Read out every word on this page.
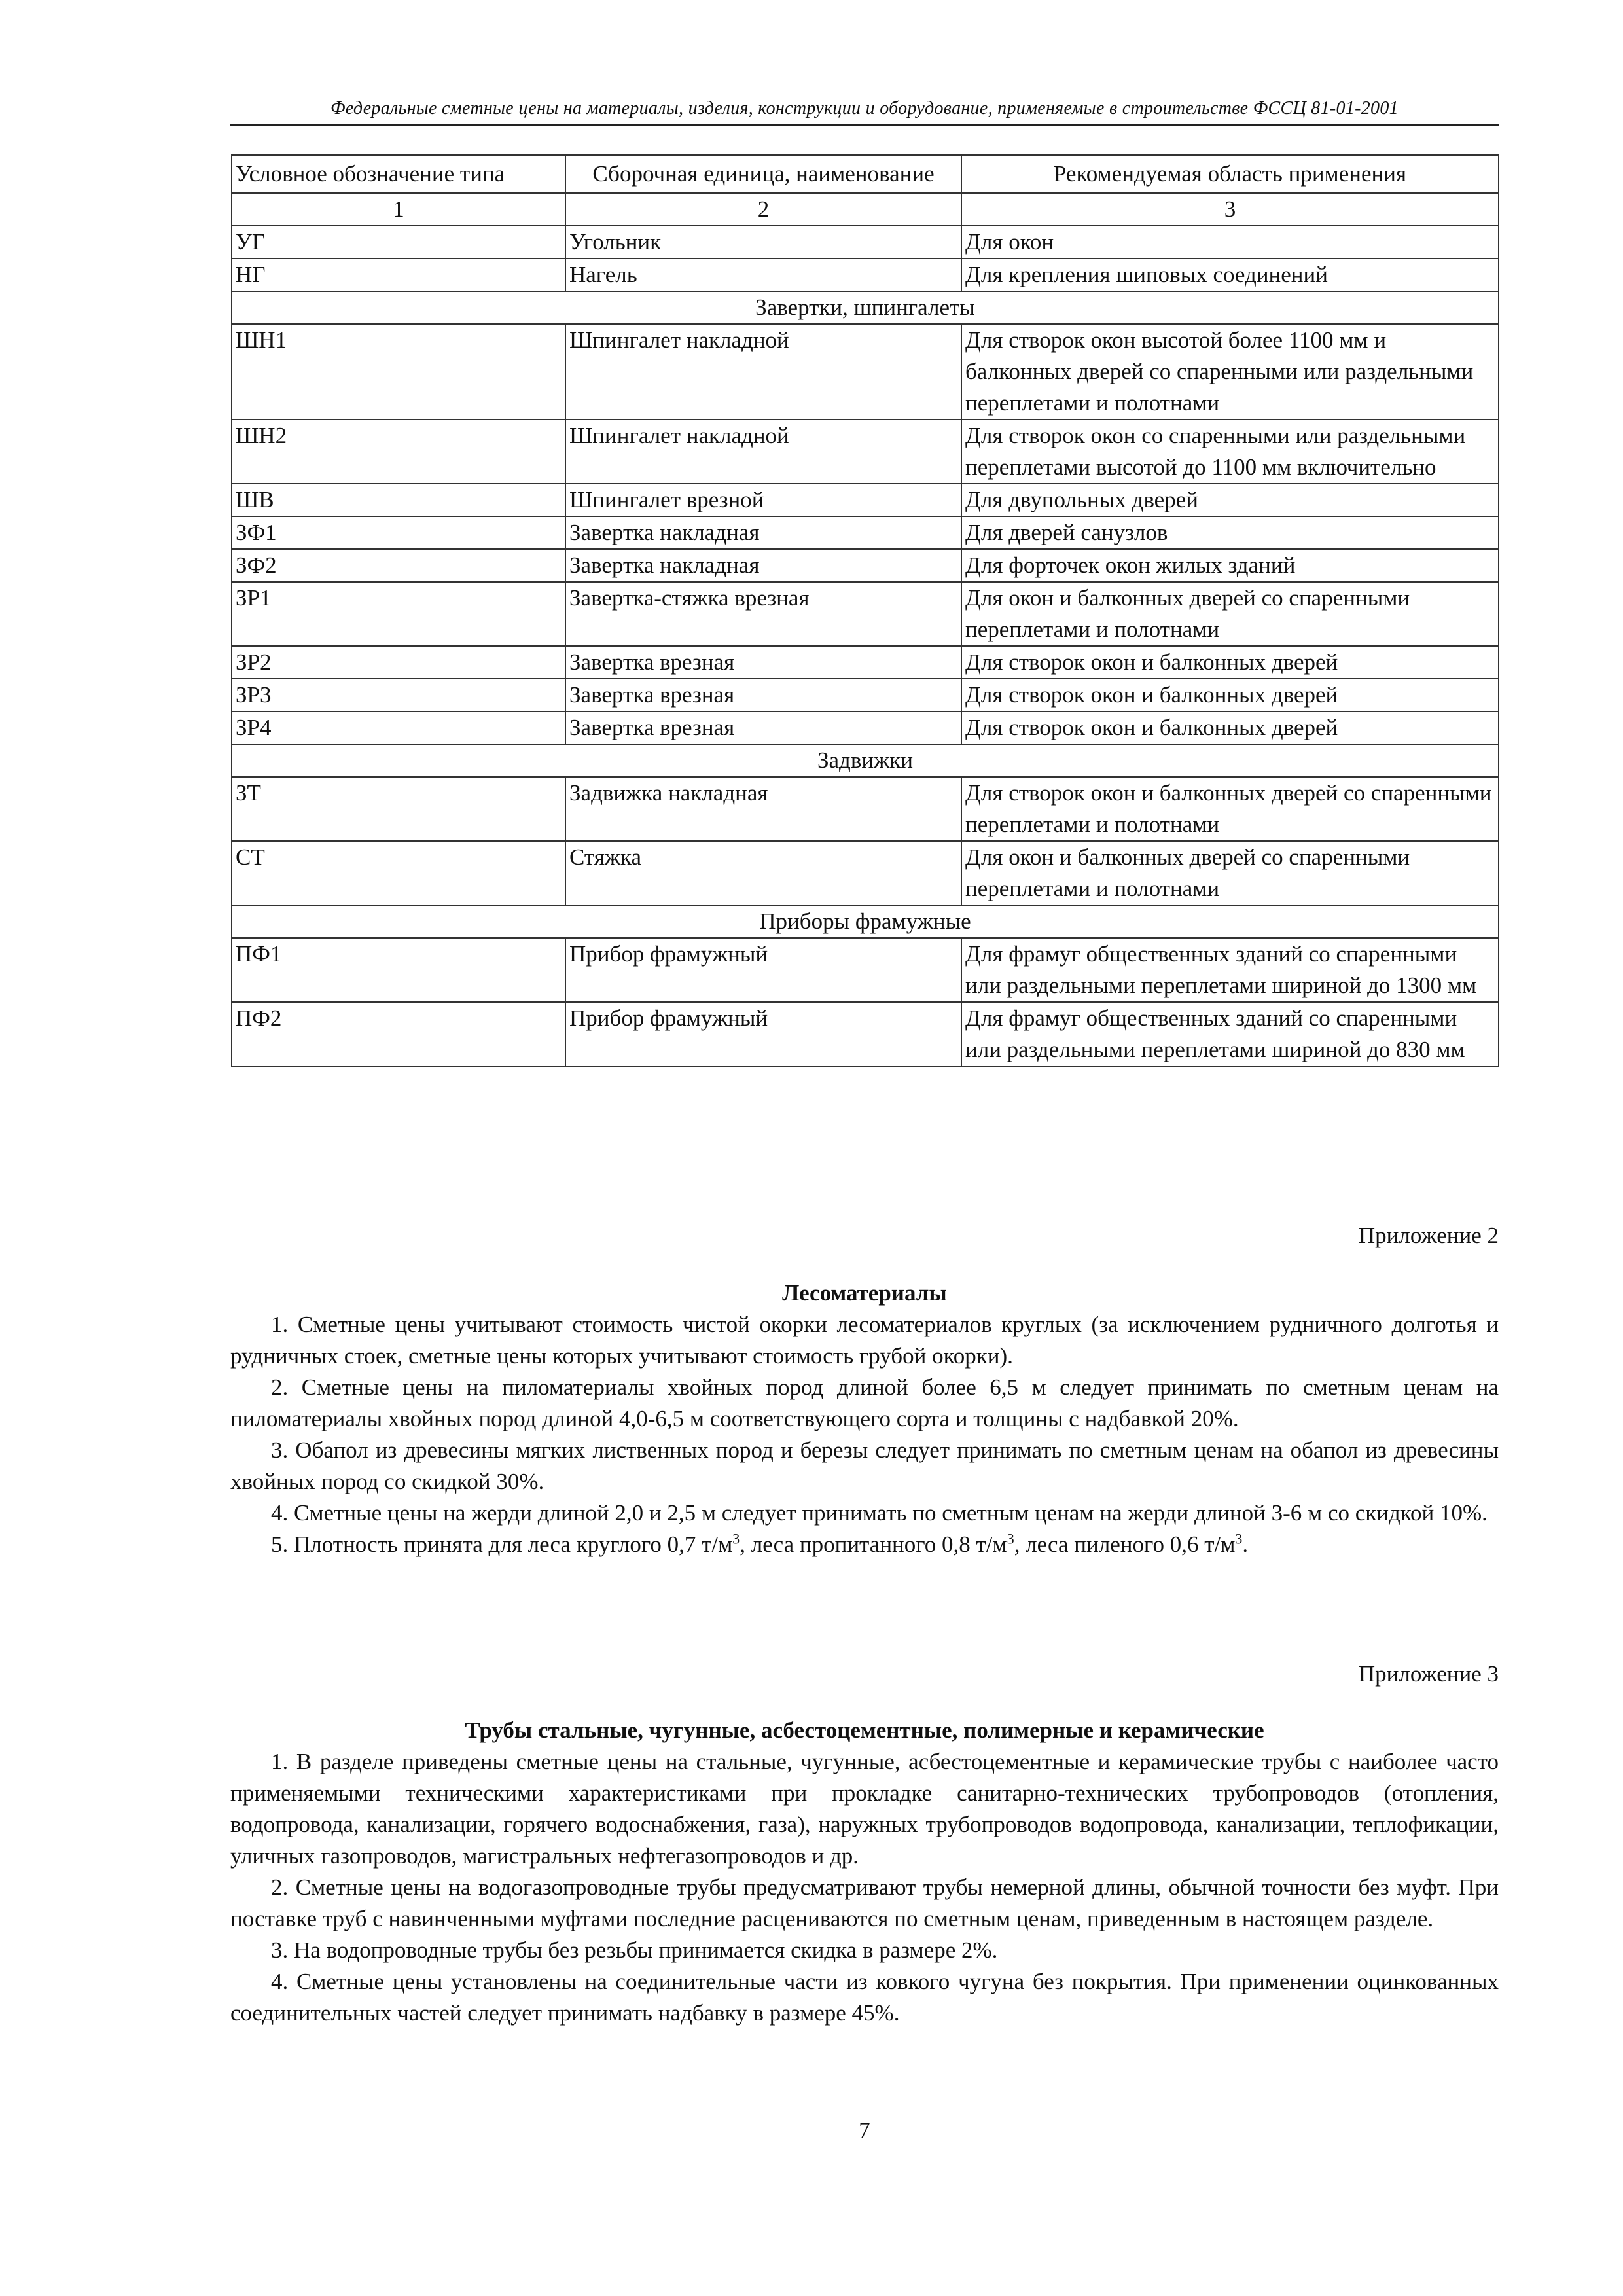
Федеральные сметные цены на материалы, изделия, конструкции и оборудование, применяемые в строительстве ФССЦ 81-01-2001
Условное обозначение типа	Сборочная единица, наименование	Рекомендуемая область применения
1	2	3
УГ	Угольник	Для окон
НГ	Нагель	Для крепления шиповых соединений
Завертки, шпингалеты		
ШН1	Шпингалет накладной	Для створок окон высотой более 1100 мм и балконных дверей со спаренными или раздельными переплетами и полотнами
ШН2	Шпингалет накладной	Для створок окон со спаренными или раздельными переплетами высотой до 1100 мм включительно
ШВ	Шпингалет врезной	Для двупольных дверей
ЗФ1	Завертка накладная	Для дверей санузлов
ЗФ2	Завертка накладная	Для форточек окон жилых зданий
ЗР1	Завертка-стяжка врезная	Для окон и балконных дверей со спаренными переплетами и полотнами
ЗР2	Завертка врезная	Для створок окон и балконных дверей
ЗР3	Завертка врезная	Для створок окон и балконных дверей
ЗР4	Завертка врезная	Для створок окон и балконных дверей
Задвижки		
ЗТ	Задвижка накладная	Для створок окон и балконных дверей со спаренными переплетами и полотнами
СТ	Стяжка	Для окон и балконных дверей со спаренными переплетами и полотнами
Приборы фрамужные		
ПФ1	Прибор фрамужный	Для фрамуг общественных зданий со спаренными или раздельными переплетами шириной до 1300 мм
ПФ2	Прибор фрамужный	Для фрамуг общественных зданий со спаренными или раздельными переплетами шириной до 830 мм
Приложение 2
Лесоматериалы

1. Сметные цены учитывают стоимость чистой окорки лесоматериалов круглых (за исключением рудничного долготья и рудничных стоек, сметные цены которых учитывают стоимость грубой окорки).

2. Сметные цены на пиломатериалы хвойных пород длиной более 6,5 м следует принимать по сметным ценам на пиломатериалы хвойных пород длиной 4,0-6,5 м соответствующего сорта и толщины с надбавкой 20%.

3. Обапол из древесины мягких лиственных пород и березы следует принимать по сметным ценам на обапол из древесины хвойных пород со скидкой 30%.

4. Сметные цены на жерди длиной 2,0 и 2,5 м следует принимать по сметным ценам на жерди длиной 3-6 м со скидкой 10%.

5. Плотность принята для леса круглого 0,7 $т/м^3$, леса пропитанного 0,8 $т/м^3$, леса пиленого 0,6 $т/м^3$.

Приложение 3
Трубы стальные, чугунные, асбестоцементные, полимерные и керамические

1. В разделе приведены сметные цены на стальные, чугунные, асбестоцементные и керамические трубы с наиболее часто применяемыми техническими характеристиками при прокладке санитарно-технических трубопроводов (отопления, водопровода, канализации, горячего водоснабжения, газа), наружных трубопроводов водопровода, канализации, теплофикации, уличных газопроводов, магистральных нефтегазопроводов и др.

2. Сметные цены на водогазопроводные трубы предусматривают трубы немерной длины, обычной точности без муфт. При поставке труб с навинченными муфтами последние расцениваются по сметным ценам, приведенным в настоящем разделе.

3. На водопроводные трубы без резьбы принимается скидка в размере 2%.

4. Сметные цены установлены на соединительные части из ковкого чугуна без покрытия. При применении оцинкованных соединительных частей следует принимать надбавку в размере 45%.

7
